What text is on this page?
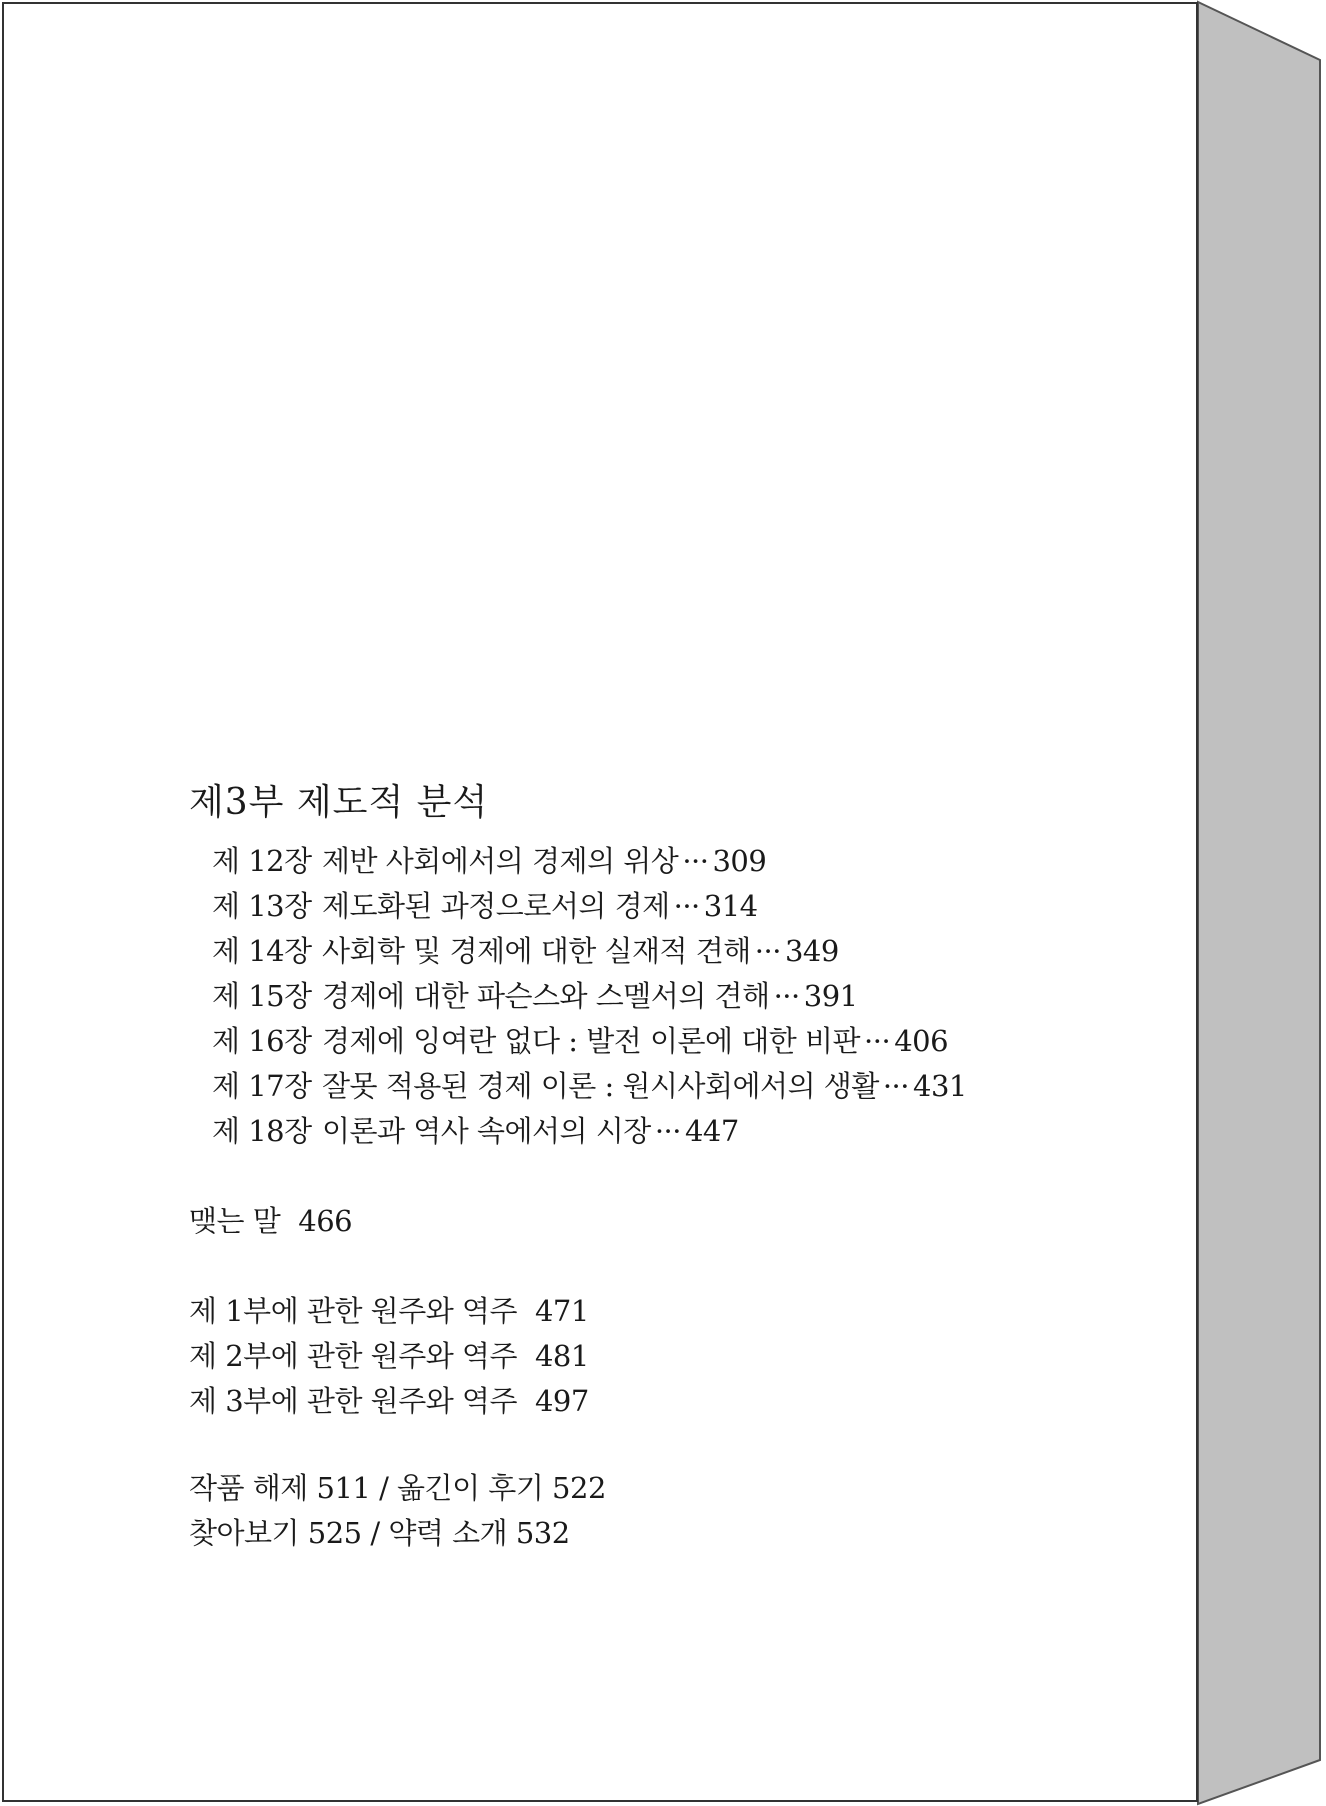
제3부 제도적 분석
제 12장 제반 사회에서의 경제의 위상 ··· 309
제 13장 제도화된 과정으로서의 경제 ··· 314
제 14장 사회학 및 경제에 대한 실재적 견해 ··· 349
제 15장 경제에 대한 파슨스와 스멜서의 견해 ··· 391
제 16장 경제에 잉여란 없다 : 발전 이론에 대한 비판 ··· 406
제 17장 잘못 적용된 경제 이론 : 원시사회에서의 생활 ··· 431
제 18장 이론과 역사 속에서의 시장 ··· 447
맺는 말 466
제 1부에 관한 원주와 역주 471
제 2부에 관한 원주와 역주 481
제 3부에 관한 원주와 역주 497
작품 해제 511 / 옮긴이 후기 522
찾아보기 525 / 약력 소개 532
